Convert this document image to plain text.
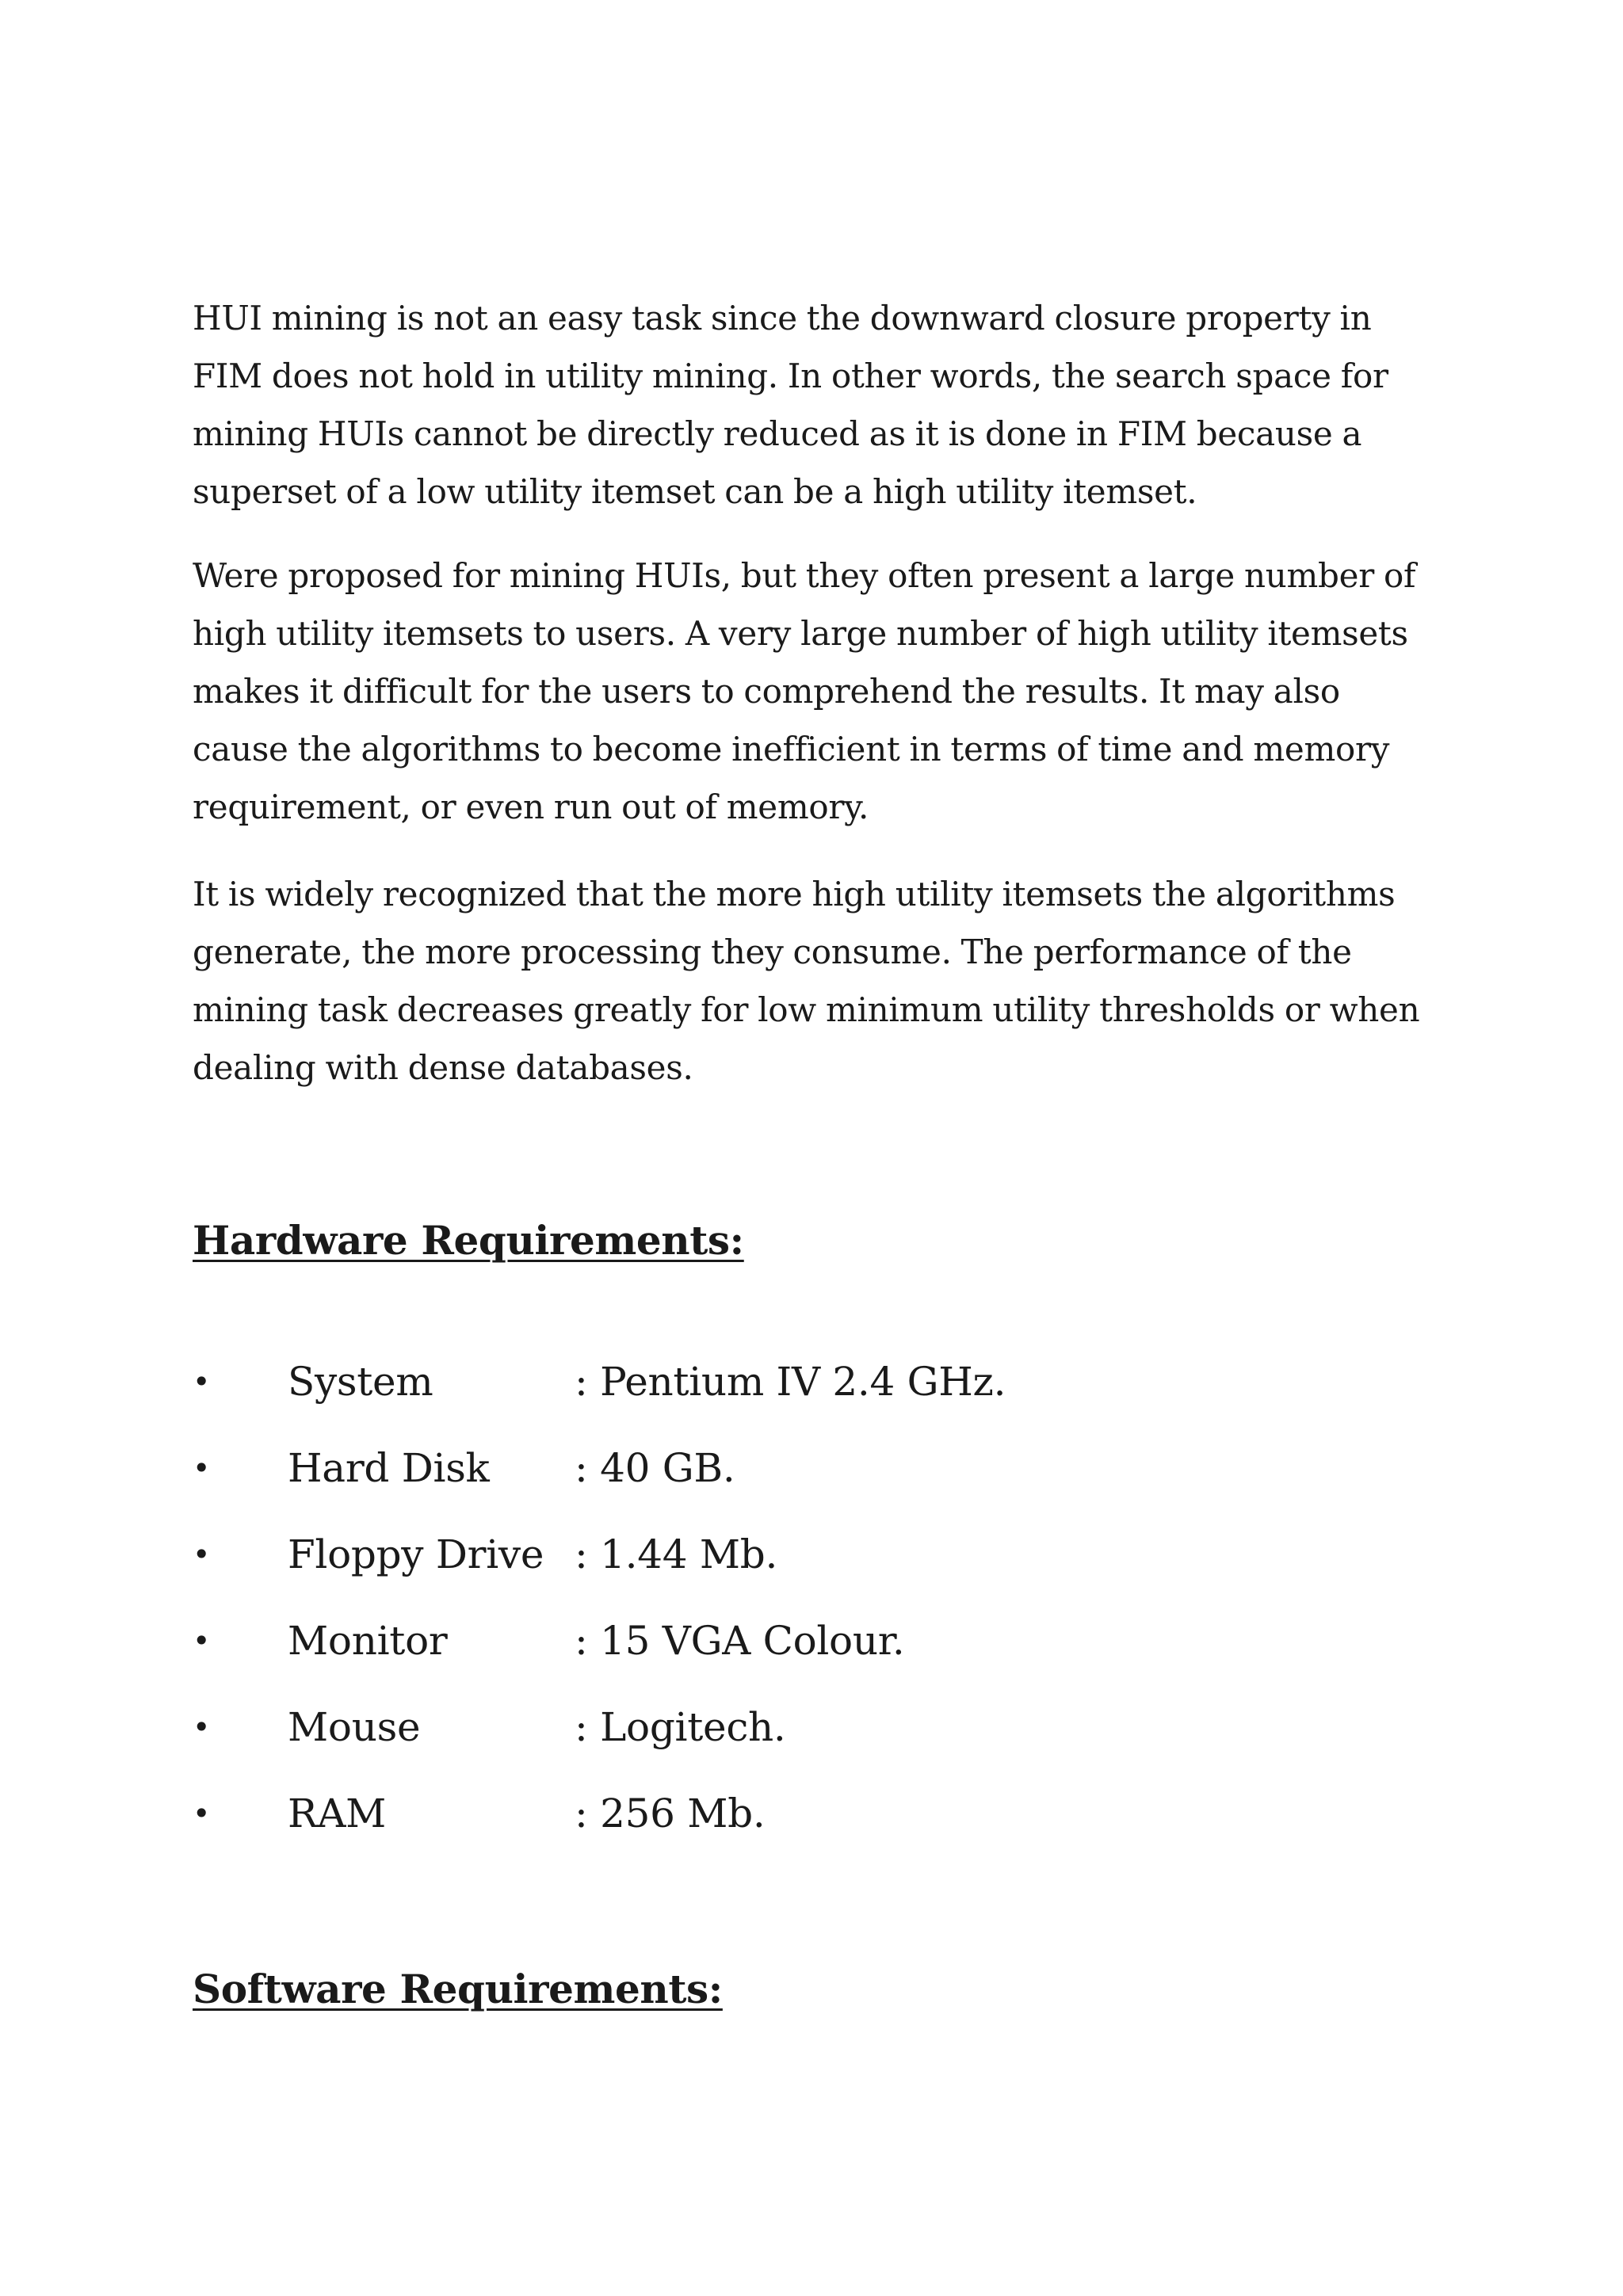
HUI mining is not an easy task since the downward closure property in FIM does not hold in utility mining. In other words, the search space for mining HUIs cannot be directly reduced as it is done in FIM because a superset of a low utility itemset can be a high utility itemset.

Were proposed for mining HUIs, but they often present a large number of high utility itemsets to users. A very large number of high utility itemsets makes it difficult for the users to comprehend the results. It may also cause the algorithms to become inefficient in terms of time and memory requirement, or even run out of memory.

It is widely recognized that the more high utility itemsets the algorithms generate, the more processing they consume. The performance of the mining task decreases greatly for low minimum utility thresholds or when dealing with dense databases.

Hardware Requirements:
• System	: Pentium IV 2.4 GHz.
• Hard Disk : 40 GB.
• Floppy Drive : 1.44 Mb.
• Monitor	: 15 VGA Colour.
• Mouse	: Logitech.
• RAM	: 256 Mb.
Software Requirements:
